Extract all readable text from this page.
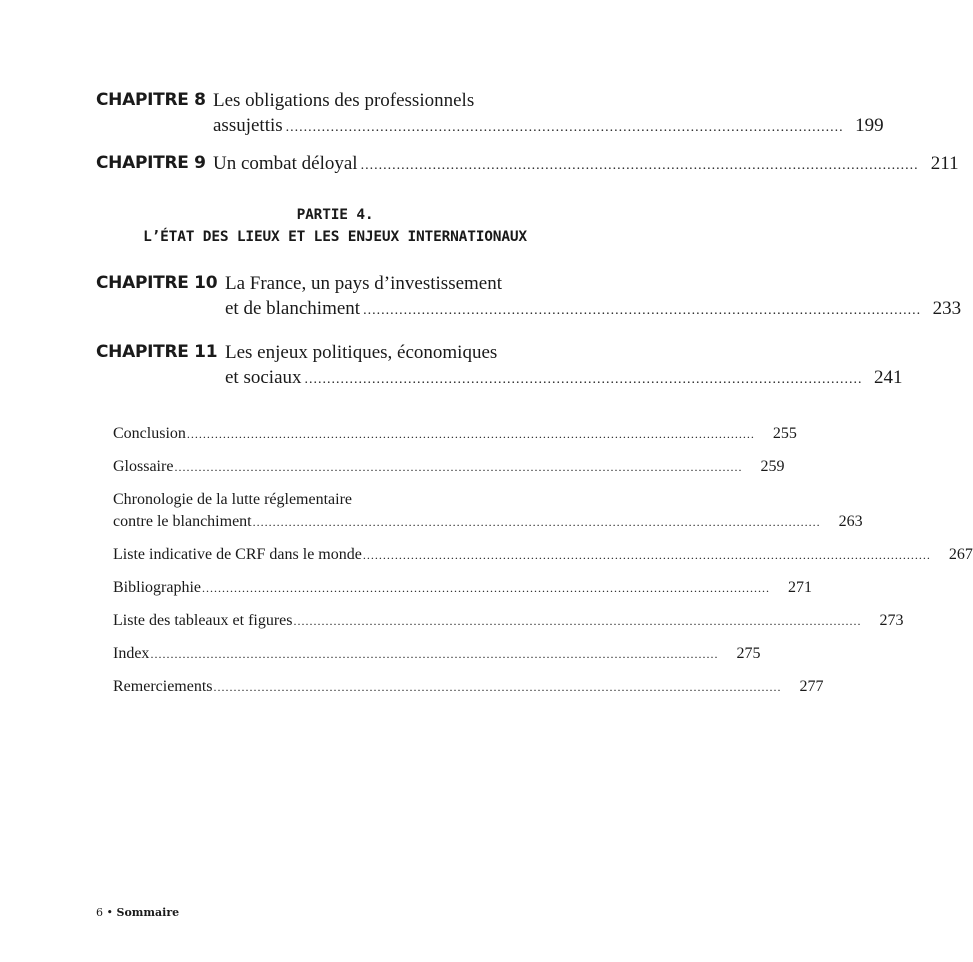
CHAPITRE 8 Les obligations des professionnels
assujettis ............................................................................................................................ 199
CHAPITRE 9 Un combat déloyal ............................................................................................................................ 211
PARTIE 4.
L’ÉTAT DES LIEUX ET LES ENJEUX INTERNATIONAUX
CHAPITRE 10 La France, un pays d’investissement
et de blanchiment ............................................................................................................................ 233
CHAPITRE 11 Les enjeux politiques, économiques
et sociaux ............................................................................................................................ 241
Conclusion ..............................................................................................................................................	255
Glossaire ..............................................................................................................................................	259
Chronologie de la lutte réglementaire
contre le blanchiment ..............................................................................................................................................	263
Liste indicative de CRF dans le monde ..............................................................................................................................................	267
Bibliographie ..............................................................................................................................................	271
Liste des tableaux et figures ..............................................................................................................................................	273
Index ..............................................................................................................................................	275
Remerciements ..............................................................................................................................................	277
6 • Sommaire
